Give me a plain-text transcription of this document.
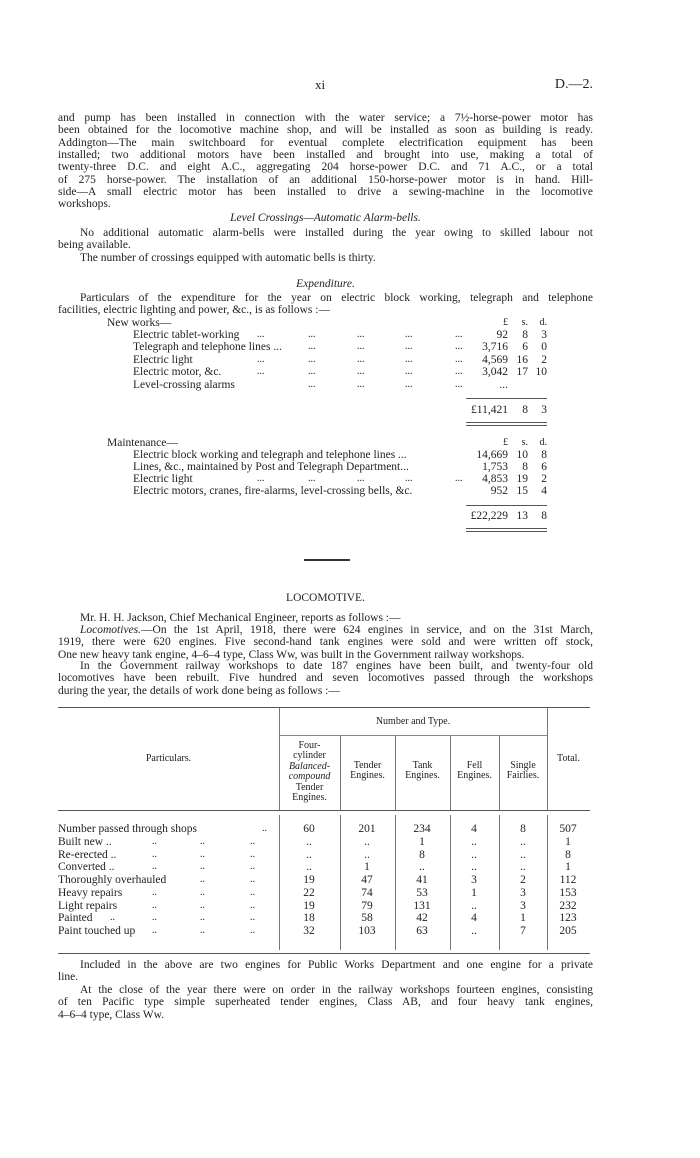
xi	D.—2.
and pump has been installed in connection with the water service; a 7½-horse-power motor has
been obtained for the locomotive machine shop, and will be installed as soon as building is ready.
Addington—The main switchboard for eventual complete electrification equipment has been
installed; two additional motors have been installed and brought into use, making a total of
twenty-three D.C. and eight A.C., aggregating 204 horse-power D.C. and 71 A.C., or a total
of 275 horse-power. The installation of an additional 150-horse-power motor is in hand. Hill-
side—A small electric motor has been installed to drive a sewing-machine in the locomotive
workshops.
No additional automatic alarm-bells were installed during the year owing to skilled labour not
being available.
The number of crossings equipped with automatic bells is thirty.
Particulars of the expenditure for the year on electric block working, telegraph and telephone
facilities, electric lighting and power, &c., is as follows :—
Mr. H. H. Jackson, Chief Mechanical Engineer, reports as follows :—
Locomotives.—On the 1st April, 1918, there were 624 engines in service, and on the 31st March,
1919, there were 620 engines. Five second-hand tank engines were sold and were written off stock,
One new heavy tank engine, 4–6–4 type, Class Ww, was built in the Government railway workshops.
In the Government railway workshops to date 187 engines have been built, and twenty-four old
locomotives have been rebuilt. Five hundred and seven locomotives passed through the workshops
during the year, the details of work done being as follows :—
Included in the above are two engines for Public Works Department and one engine for a private
line.
At the close of the year there were on order in the railway workshops fourteen engines, consisting
of ten Pacific type simple superheated tender engines, Class AB, and four heavy tank engines,
4–6–4 type, Class Ww.
Level Crossings—Automatic Alarm-bells.
Expenditure.
LOCOMOTIVE.
New works—	£	s.	d.
Electric tablet-working ...	...	...	...	...	92	8	3
Telegraph and telephone lines ...	...	...	...	...	3,716	6	0
Electric light	...	...	...	...	...	4,569 16	2
Electric motor, &c.	...	...	...	...	...	3,042 17 10
Level-crossing alarms	...	...	...	...	...
£11,421	8	3
Maintenance—	£	s.	d.
Electric block working and telegraph and telephone lines ...	14,669 10	8
Lines, &c., maintained by Post and Telegraph Department...	1,753	8	6
Electric light	...	...	...	...	...	4,853 19	2
Electric motors, cranes, fire-alarms, level-crossing bells, &c.	952 15	4
£22,229 13	8
Particulars.
Number and Type.
Total.
Four-
cylinder
Balanced-
compound
Tender
Engines.
Tender
Engines.
Tank
Engines.
Fell
Engines.
Single
Fairlies.
Number passed through shops	..	60	201	234	4	8	507
Built new ..	..	..	..	..	..	1	..	..	1
Re-erected ..	..	..	..	..	..	8	..	..	8
Converted ..	..	..	..	..	1	..	..	..	1
Thoroughly overhauled	..	..	19	47	41	3	2	112
Heavy repairs	..	..	..	22	74	53	1	3	153
Light repairs	..	..	..	19	79	131	..	3	232
Painted ..	..	..	..	18	58	42	4	1	123
Paint touched up ..	..	..	32	103	63	..	7	205
